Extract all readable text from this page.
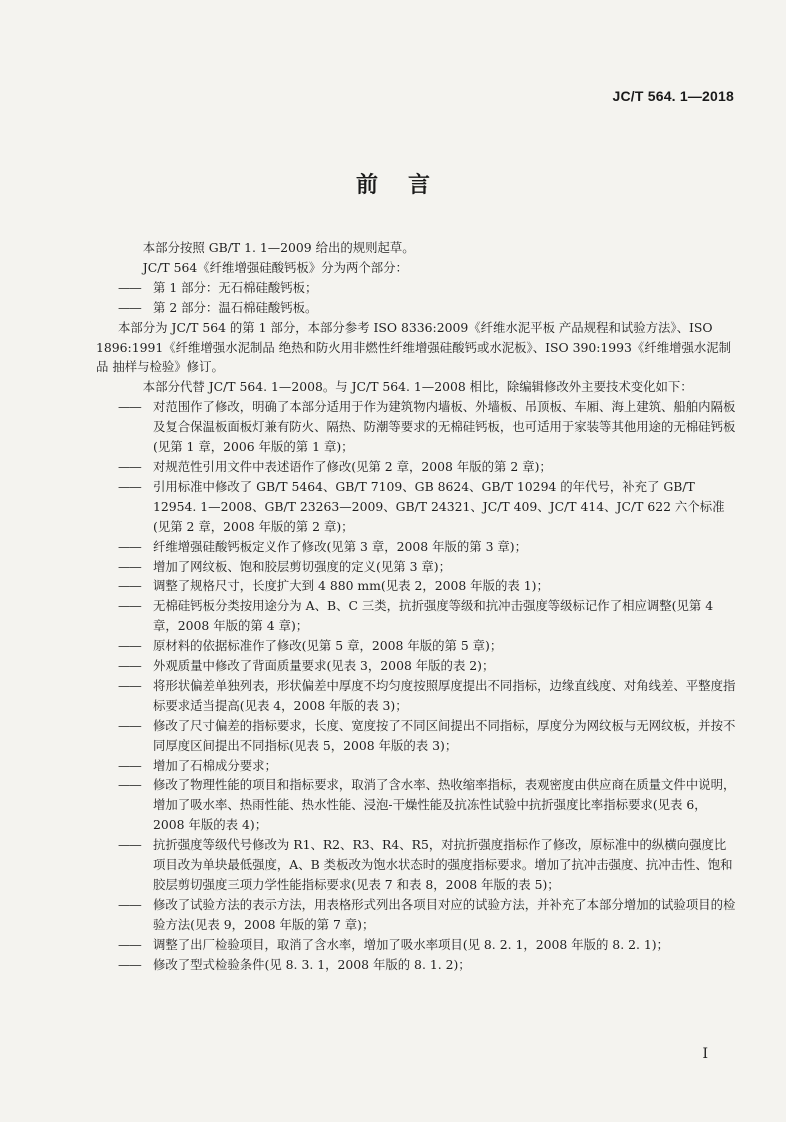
JC/T 564. 1—2018
前言

本部分按照 GB/T 1. 1—2009 给出的规则起草。

JC/T 564《纤维增强硅酸钙板》分为两个部分：

—— 第 1 部分：无石棉硅酸钙板；

—— 第 2 部分：温石棉硅酸钙板。

本部分为 JC/T 564 的第 1 部分，本部分参考 ISO 8336:2009《纤维水泥平板 产品规程和试验方法》、ISO 1896:1991《纤维增强水泥制品 绝热和防火用非燃性纤维增强硅酸钙或水泥板》、ISO 390:1993《纤维增强水泥制品 抽样与检验》修订。

本部分代替 JC/T 564. 1—2008。与 JC/T 564. 1—2008 相比，除编辑修改外主要技术变化如下：

—— 对范围作了修改，明确了本部分适用于作为建筑物内墙板、外墙板、吊顶板、车厢、海上建筑、船舶内隔板及复合保温板面板灯兼有防火、隔热、防潮等要求的无棉硅钙板，也可适用于家装等其他用途的无棉硅钙板(见第 1 章，2006 年版的第 1 章)；

—— 对规范性引用文件中表述语作了修改(见第 2 章，2008 年版的第 2 章)；

—— 引用标准中修改了 GB/T 5464、GB/T 7109、GB 8624、GB/T 10294 的年代号，补充了 GB/T 12954. 1—2008、GB/T 23263—2009、GB/T 24321、JC/T 409、JC/T 414、JC/T 622 六个标准(见第 2 章，2008 年版的第 2 章)；

—— 纤维增强硅酸钙板定义作了修改(见第 3 章，2008 年版的第 3 章)；

—— 增加了网纹板、饱和胶层剪切强度的定义(见第 3 章)；

—— 调整了规格尺寸，长度扩大到 4 880 mm(见表 2，2008 年版的表 1)；

—— 无棉硅钙板分类按用途分为 A、B、C 三类，抗折强度等级和抗冲击强度等级标记作了相应调整(见第 4 章，2008 年版的第 4 章)；

—— 原材料的依据标准作了修改(见第 5 章，2008 年版的第 5 章)；

—— 外观质量中修改了背面质量要求(见表 3，2008 年版的表 2)；

—— 将形状偏差单独列表，形状偏差中厚度不均匀度按照厚度提出不同指标，边缘直线度、对角线差、平整度指标要求适当提高(见表 4，2008 年版的表 3)；

—— 修改了尺寸偏差的指标要求，长度、宽度按了不同区间提出不同指标，厚度分为网纹板与无网纹板，并按不同厚度区间提出不同指标(见表 5，2008 年版的表 3)；

—— 增加了石棉成分要求；

—— 修改了物理性能的项目和指标要求，取消了含水率、热收缩率指标，表观密度由供应商在质量文件中说明，增加了吸水率、热雨性能、热水性能、浸泡-干燥性能及抗冻性试验中抗折强度比率指标要求(见表 6，2008 年版的表 4)；

—— 抗折强度等级代号修改为 R1、R2、R3、R4、R5，对抗折强度指标作了修改，原标准中的纵横向强度比项目改为单块最低强度，A、B 类板改为饱水状态时的强度指标要求。增加了抗冲击强度、抗冲击性、饱和胶层剪切强度三项力学性能指标要求(见表 7 和表 8，2008 年版的表 5)；

—— 修改了试验方法的表示方法，用表格形式列出各项目对应的试验方法，并补充了本部分增加的试验项目的检验方法(见表 9，2008 年版的第 7 章)；

—— 调整了出厂检验项目，取消了含水率，增加了吸水率项目(见 8. 2. 1，2008 年版的 8. 2. 1)；

—— 修改了型式检验条件(见 8. 3. 1，2008 年版的 8. 1. 2)；

I
